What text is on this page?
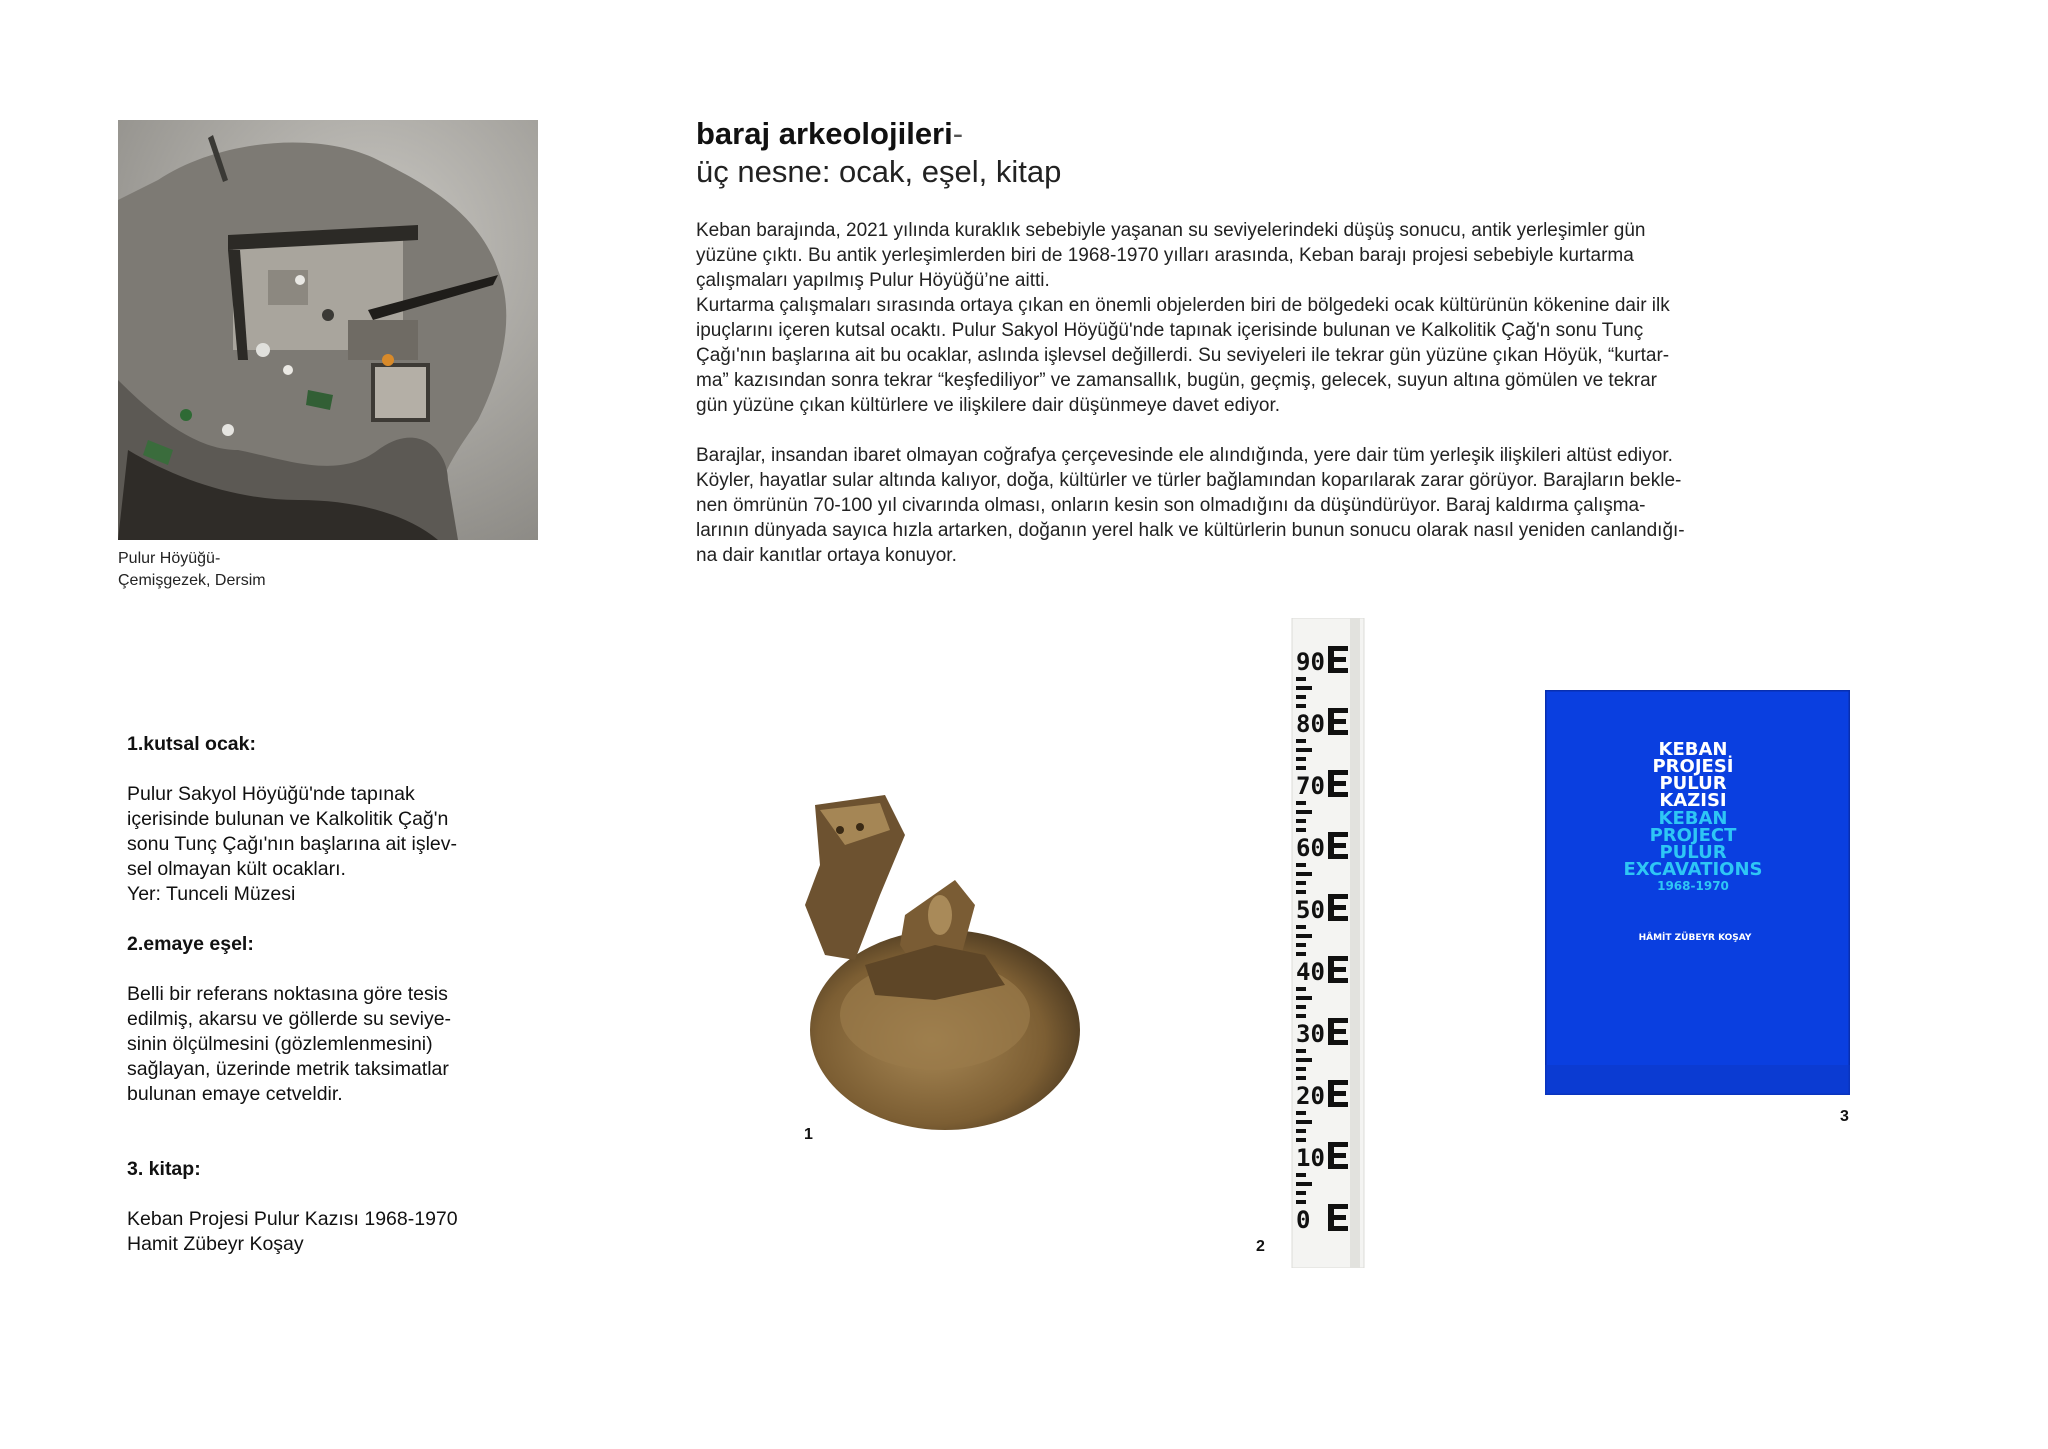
Pulur Höyüğü-
Çemişgezek, Dersim
baraj arkeolojileri-
üç nesne: ocak, eşel, kitap

Keban barajında, 2021 yılında kuraklık sebebiyle yaşanan su seviyelerindeki düşüş sonucu, antik yerleşimler gün

yüzüne çıktı. Bu antik yerleşimlerden biri de 1968-1970 yılları arasında, Keban barajı projesi sebebiyle kurtarma

çalışmaları yapılmış Pulur Höyüğü’ne aitti.

Kurtarma çalışmaları sırasında ortaya çıkan en önemli objelerden biri de bölgedeki ocak kültürünün kökenine dair ilk

ipuçlarını içeren kutsal ocaktı. Pulur Sakyol Höyüğü'nde tapınak içerisinde bulunan ve Kalkolitik Çağ'n sonu Tunç

Çağı'nın başlarına ait bu ocaklar, aslında işlevsel değillerdi. Su seviyeleri ile tekrar gün yüzüne çıkan Höyük, “kurtar-

ma” kazısından sonra tekrar “keşfediliyor” ve zamansallık, bugün, geçmiş, gelecek, suyun altına gömülen ve tekrar

gün yüzüne çıkan kültürlere ve ilişkilere dair düşünmeye davet ediyor.

Barajlar, insandan ibaret olmayan coğrafya çerçevesinde ele alındığında, yere dair tüm yerleşik ilişkileri altüst ediyor.

Köyler, hayatlar sular altında kalıyor, doğa, kültürler ve türler bağlamından koparılarak zarar görüyor. Barajların bekle-

nen ömrünün 70-100 yıl civarında olması, onların kesin son olmadığını da düşündürüyor. Baraj kaldırma çalışma-

larının dünyada sayıca hızla artarken, doğanın yerel halk ve kültürlerin bunun sonucu olarak nasıl yeniden canlandığı-

na dair kanıtlar ortaya konuyor.

1.kutsal ocak:

Pulur Sakyol Höyüğü'nde tapınak

içerisinde bulunan ve Kalkolitik Çağ'n

sonu Tunç Çağı'nın başlarına ait işlev-

sel olmayan kült ocakları.

Yer: Tunceli Müzesi

2.emaye eşel:

Belli bir referans noktasına göre tesis

edilmiş, akarsu ve göllerde su seviye-

sinin ölçülmesini (gözlemlenmesini)

sağlayan, üzerinde metrik taksimatlar

bulunan emaye cetveldir.

3. kitap:

Keban Projesi Pulur Kazısı 1968-1970

Hamit Zübeyr Koşay

1
90
80
70
60
50
40
30
20
10
0
2
KEBAN
PROJESİ
PULUR
KAZISI
KEBAN
PROJECT
PULUR
EXCAVATIONS
1968-1970
HÂMİT ZÜBEYR KOŞAY
3
